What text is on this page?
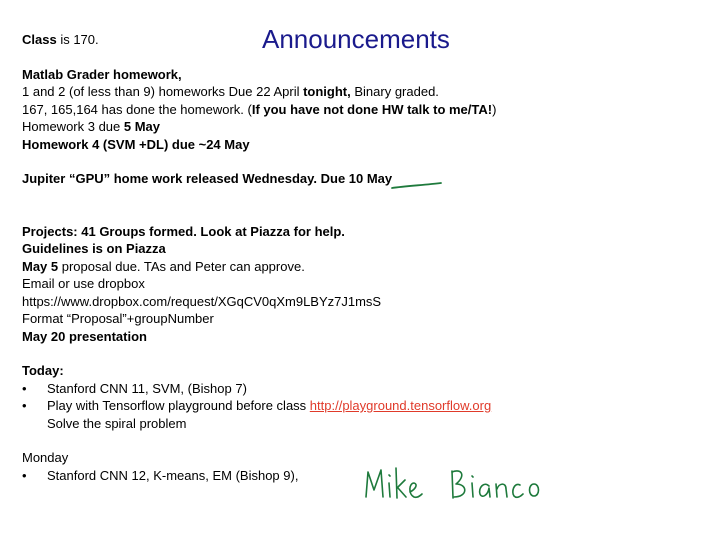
Announcements
Class is 170.
Matlab Grader homework,
1 and 2 (of less than 9) homeworks Due 22 April tonight, Binary graded.
167, 165,164 has done the homework. (If you have not done HW talk to me/TA!)
Homework 3 due 5 May
Homework 4 (SVM +DL) due ~24 May
Jupiter “GPU” home work released Wednesday. Due 10 May
Projects: 41 Groups formed. Look at Piazza for help.
Guidelines is on Piazza
May 5 proposal due. TAs and Peter can approve.
Email or use dropbox
https://www.dropbox.com/request/XGqCV0qXm9LBYz7J1msS
Format “Proposal”+groupNumber
May 20 presentation
Today:
• Stanford CNN 11, SVM, (Bishop 7)
• Play with Tensorflow playground before class http://playground.tensorflow.org
Solve the spiral problem
Monday
• Stanford CNN 12, K-means, EM (Bishop 9),
